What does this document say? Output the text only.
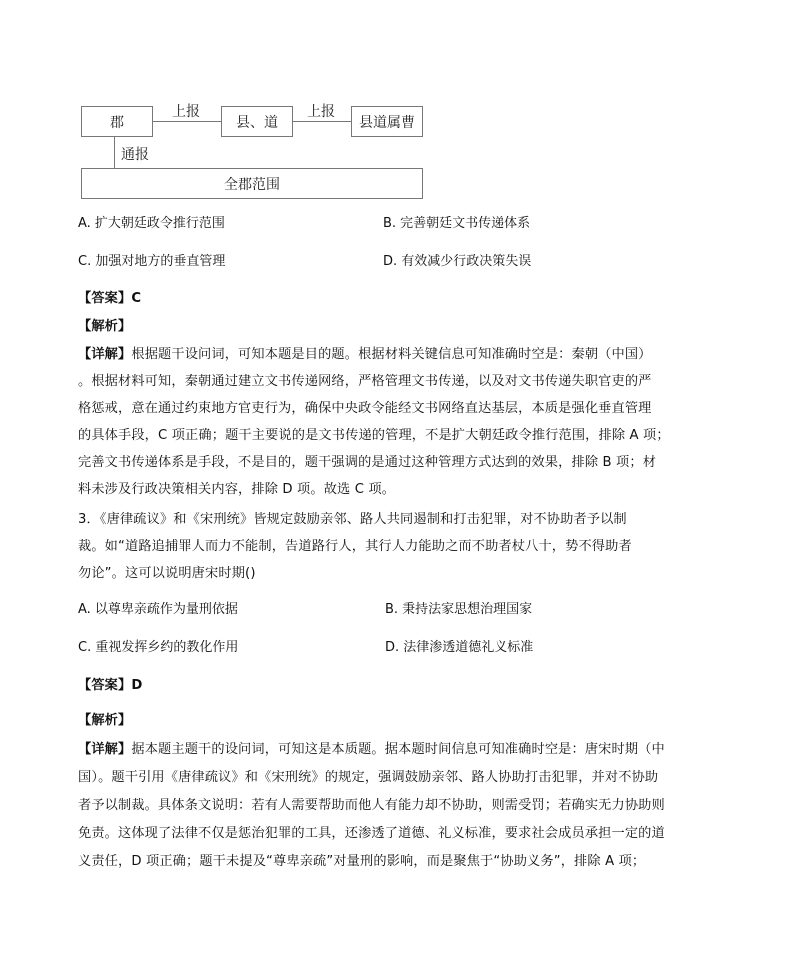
郡	县、道	县道属曹
全郡范围
上报	上报
通报
A. 扩大朝廷政令推行范围	B. 完善朝廷文书传递体系
C. 加强对地方的垂直管理	D. 有效减少行政决策失误
【答案】C
【解析】
【详解】根据题干设问词，可知本题是目的题。根据材料关键信息可知准确时空是：秦朝（中国）
。根据材料可知，秦朝通过建立文书传递网络，严格管理文书传递，以及对文书传递失职官吏的严
格惩戒，意在通过约束地方官吏行为，确保中央政令能经文书网络直达基层，本质是强化垂直管理
的具体手段，C 项正确；题干主要说的是文书传递的管理，不是扩大朝廷政令推行范围，排除 A 项；
完善文书传递体系是手段，不是目的，题干强调的是通过这种管理方式达到的效果，排除 B 项；材
料未涉及行政决策相关内容，排除 D 项。故选 C 项。
3．《唐律疏议》和《宋刑统》皆规定鼓励亲邻、路人共同遏制和打击犯罪，对不协助者予以制
裁。如“道路追捕罪人而力不能制，告道路行人，其行人力能助之而不助者杖八十，势不得助者
勿论”。这可以说明唐宋时期()
A. 以尊卑亲疏作为量刑依据	B. 秉持法家思想治理国家
C. 重视发挥乡约的教化作用	D. 法律渗透道德礼义标准
【答案】D
【解析】
【详解】据本题主题干的设问词，可知这是本质题。据本题时间信息可知准确时空是：唐宋时期（中
国）。题干引用《唐律疏议》和《宋刑统》的规定，强调鼓励亲邻、路人协助打击犯罪，并对不协助
者予以制裁。具体条文说明：若有人需要帮助而他人有能力却不协助，则需受罚；若确实无力协助则
免责。这体现了法律不仅是惩治犯罪的工具，还渗透了道德、礼义标准，要求社会成员承担一定的道
义责任，D 项正确；题干未提及“尊卑亲疏”对量刑的影响，而是聚焦于“协助义务”，排除 A 项；
